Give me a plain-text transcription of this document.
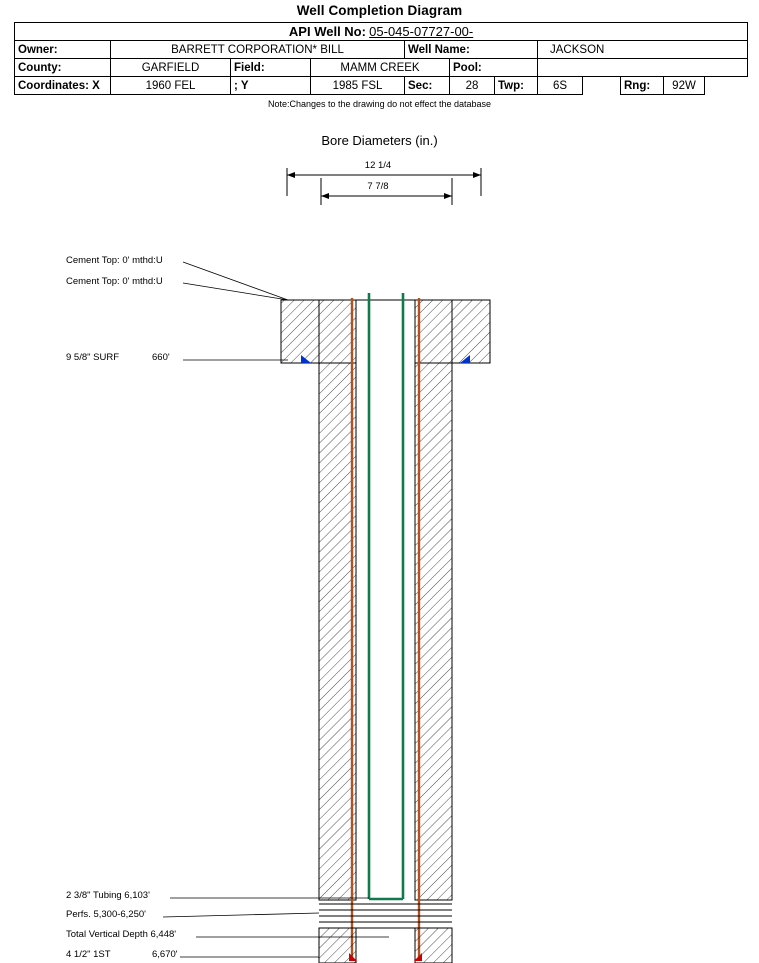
Well Completion Diagram
API Well No: 05-045-07727-00-											
Owner:	BARRETT CORPORATION* BILL			Well Name:			JACKSON				
County:	GARFIELD	Field:	MAMM CREEK		Pool:						
Coordinates: X	1960 FEL	; Y	1985 FSL	Sec:	28	Twp:	6S		Rng:	92W	
Note:Changes to the drawing do not effect the database
Bore Diameters (in.)
12 1/4
7 7/8
Cement Top: 0' mthd:U
Cement Top: 0' mthd:U
9 5/8" SURF	660'
2 3/8" Tubing 6,103'
Perfs. 5,300-6,250'
Total Vertical Depth 6,448'
4 1/2" 1ST	6,670'
